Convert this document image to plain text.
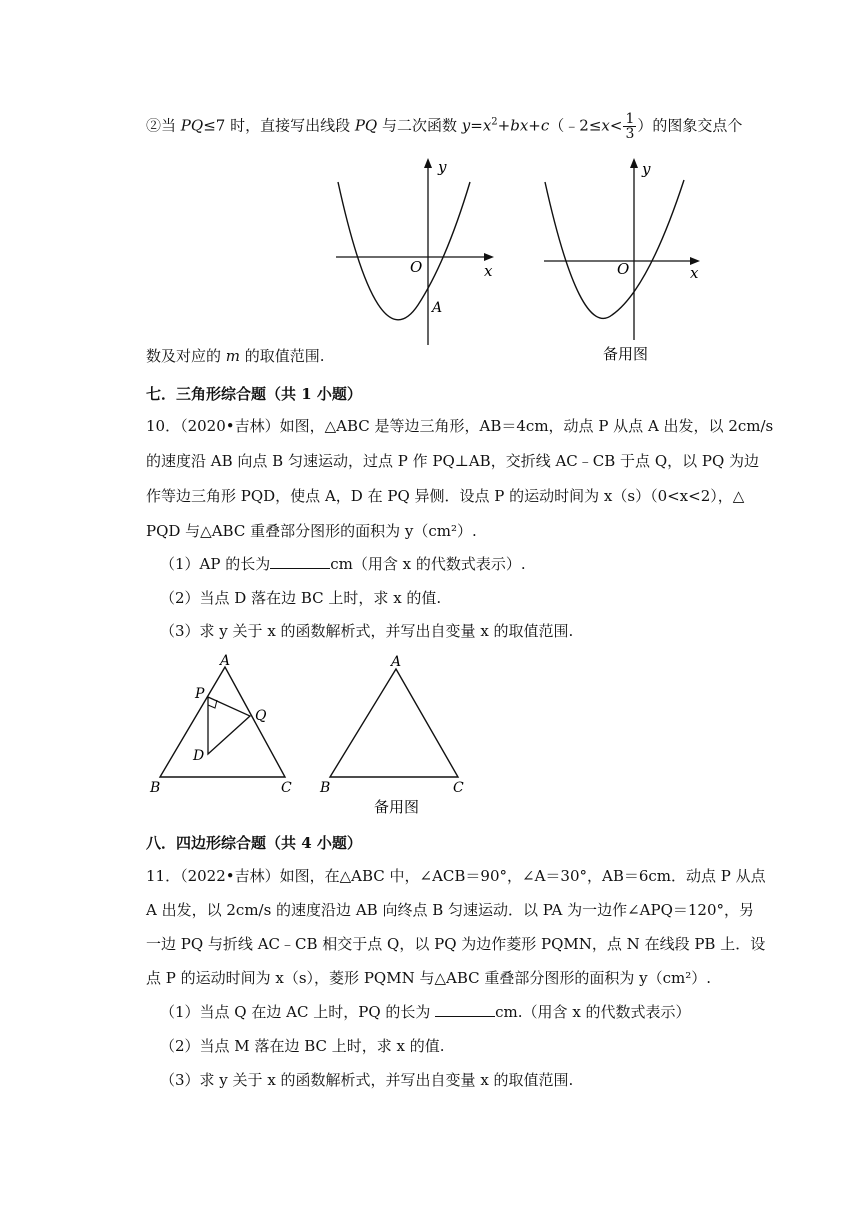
②当 PQ≤7 时，直接写出线段 PQ 与二次函数 $y=x^2+bx+c(﹣2\le x< \frac{1}{3}$ ）的图象交点个
y
O	x
A
y
O	x
备用图
数及对应的 m 的取值范围.
七．三角形综合题（共 1 小题）
10．（2020•吉林）如图，△ABC 是等边三角形，AB＝4cm，动点 P 从点 A 出发，以 2cm/s
的速度沿 AB 向点 B 匀速运动，过点 P 作 PQ⊥AB，交折线 AC﹣CB 于点 Q，以 PQ 为边
作等边三角形 PQD，使点 A，D 在 PQ 异侧．设点 P 的运动时间为 x（s）（0<x<2），△
PQD 与△ABC 重叠部分图形的面积为 y（cm²）.
（1）AP 的长为	cm（用含 x 的代数式表示）.
（2）当点 D 落在边 BC 上时，求 x 的值.
（3）求 y 关于 x 的函数解析式，并写出自变量 x 的取值范围.
A
P
Q
D
B	C
A
B	C
备用图
八．四边形综合题（共 4 小题）
11．（2022•吉林）如图，在△ABC 中，∠ACB＝90°，∠A＝30°，AB＝6cm．动点 P 从点
A 出发，以 2cm/s 的速度沿边 AB 向终点 B 匀速运动．以 PA 为一边作∠APQ＝120°，另
一边 PQ 与折线 AC﹣CB 相交于点 Q，以 PQ 为边作菱形 PQMN，点 N 在线段 PB 上．设
点 P 的运动时间为 x（s），菱形 PQMN 与△ABC 重叠部分图形的面积为 y（cm²）.
（1）当点 Q 在边 AC 上时，PQ 的长为	cm.（用含 x 的代数式表示）
（2）当点 M 落在边 BC 上时，求 x 的值.
（3）求 y 关于 x 的函数解析式，并写出自变量 x 的取值范围.
